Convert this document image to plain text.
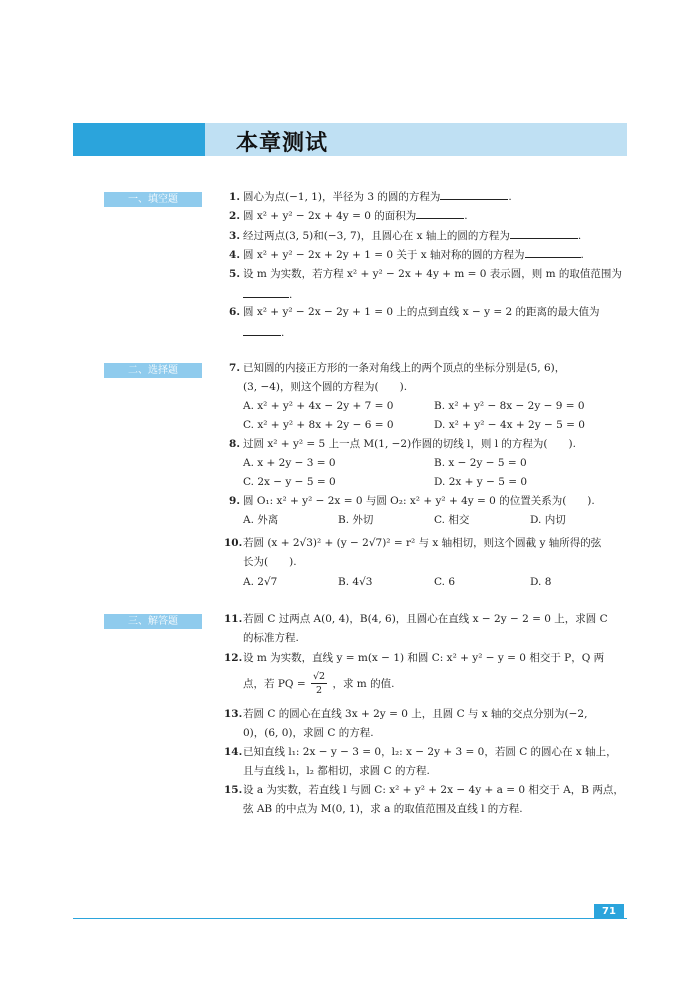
本章测试
一、填空题	1. 圆心为点(−1, 1)，半径为 3 的圆的方程为	.
2. 圆 x² + y² − 2x + 4y = 0 的面积为	.
3. 经过两点(3, 5)和(−3, 7)，且圆心在 x 轴上的圆的方程为	.
4. 圆 x² + y² − 2x + 2y + 1 = 0 关于 x 轴对称的圆的方程为	.
5. 设 m 为实数，若方程 x² + y² − 2x + 4y + m = 0 表示圆，则 m 的取值范围为
.
6. 圆 x² + y² − 2x − 2y + 1 = 0 上的点到直线 x − y = 2 的距离的最大值为
.
二、选择题	7. 已知圆的内接正方形的一条对角线上的两个顶点的坐标分别是(5, 6)，
(3, −4)，则这个圆的方程为(　　).
A. x² + y² + 4x − 2y + 7 = 0	B. x² + y² − 8x − 2y − 9 = 0
C. x² + y² + 8x + 2y − 6 = 0	D. x² + y² − 4x + 2y − 5 = 0
8. 过圆 x² + y² = 5 上一点 M(1, −2)作圆的切线 l，则 l 的方程为(　　).
A. x + 2y − 3 = 0	B. x − 2y − 5 = 0
C. 2x − y − 5 = 0	D. 2x + y − 5 = 0
9. 圆 O₁: x² + y² − 2x = 0 与圆 O₂: x² + y² + 4y = 0 的位置关系为(　　).
A. 外离	B. 外切	C. 相交	D. 内切
10.若圆 (x + 2√3)² + (y − 2√7)² = r² 与 x 轴相切，则这个圆截 y 轴所得的弦
长为(　　).
A. 2√7	B. 4√3	C. 6	D. 8
三、解答题	11.若圆 C 过两点 A(0, 4)，B(4, 6)，且圆心在直线 x − 2y − 2 = 0 上，求圆 C
的标准方程.
12.设 m 为实数，直线 y = m(x − 1) 和圆 C: x² + y² − y = 0 相交于 P，Q 两
点，若 PQ = $\frac{√2}{2}$ ，求 m 的值.
13.若圆 C 的圆心在直线 3x + 2y = 0 上，且圆 C 与 x 轴的交点分别为(−2,
0)，(6, 0)，求圆 C 的方程.
14.已知直线 l₁: 2x − y − 3 = 0，l₂: x − 2y + 3 = 0，若圆 C 的圆心在 x 轴上，
且与直线 l₁，l₂ 都相切，求圆 C 的方程.
15.设 a 为实数，若直线 l 与圆 C: x² + y² + 2x − 4y + a = 0 相交于 A，B 两点，
弦 AB 的中点为 M(0, 1)，求 a 的取值范围及直线 l 的方程.
71
